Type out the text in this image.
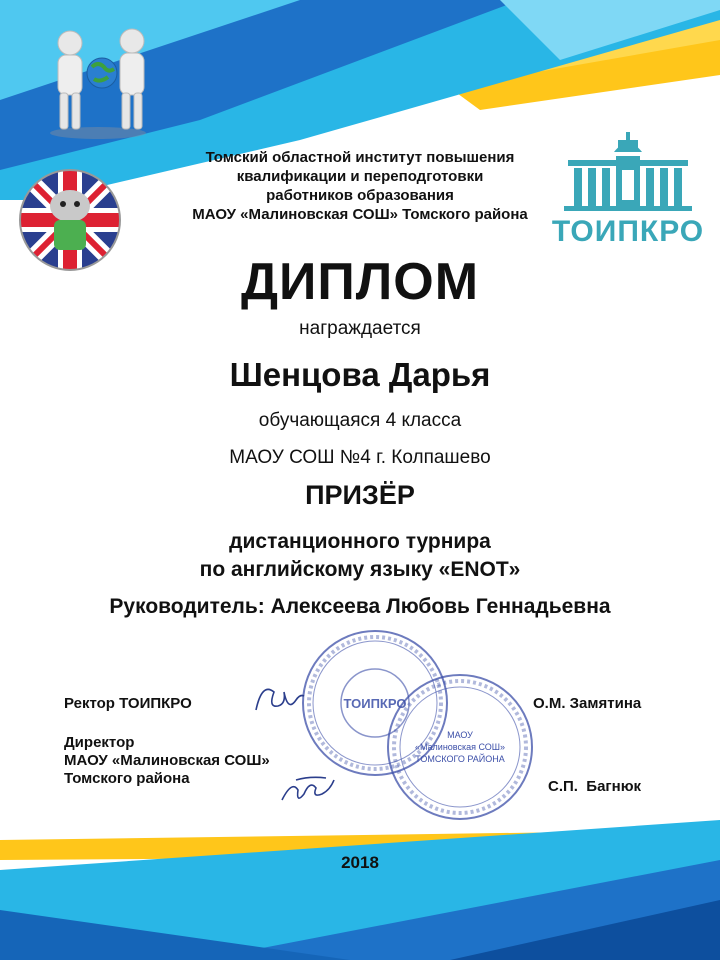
ТОИПКРО
Томский областной институт повышения
квалификации и переподготовки
работников образования
МАОУ «Малиновская СОШ» Томского района
ДИПЛОМ
награждается
Шенцова Дарья
обучающаяся 4 класса
МАОУ СОШ №4 г. Колпашево
ПРИЗЁР
дистанционного турнира
по английскому языку «ENOT»
Руководитель: Алексеева Любовь Геннадьевна
ТОИПКРО
МАОУ
«Малиновская СОШ»
ТОМСКОГО РАЙОНА
Ректор ТОИПКРО	О.М. Замятина
Директор
МАОУ «Малиновская СОШ»
Томского района	С.П.  Багнюк
2018
